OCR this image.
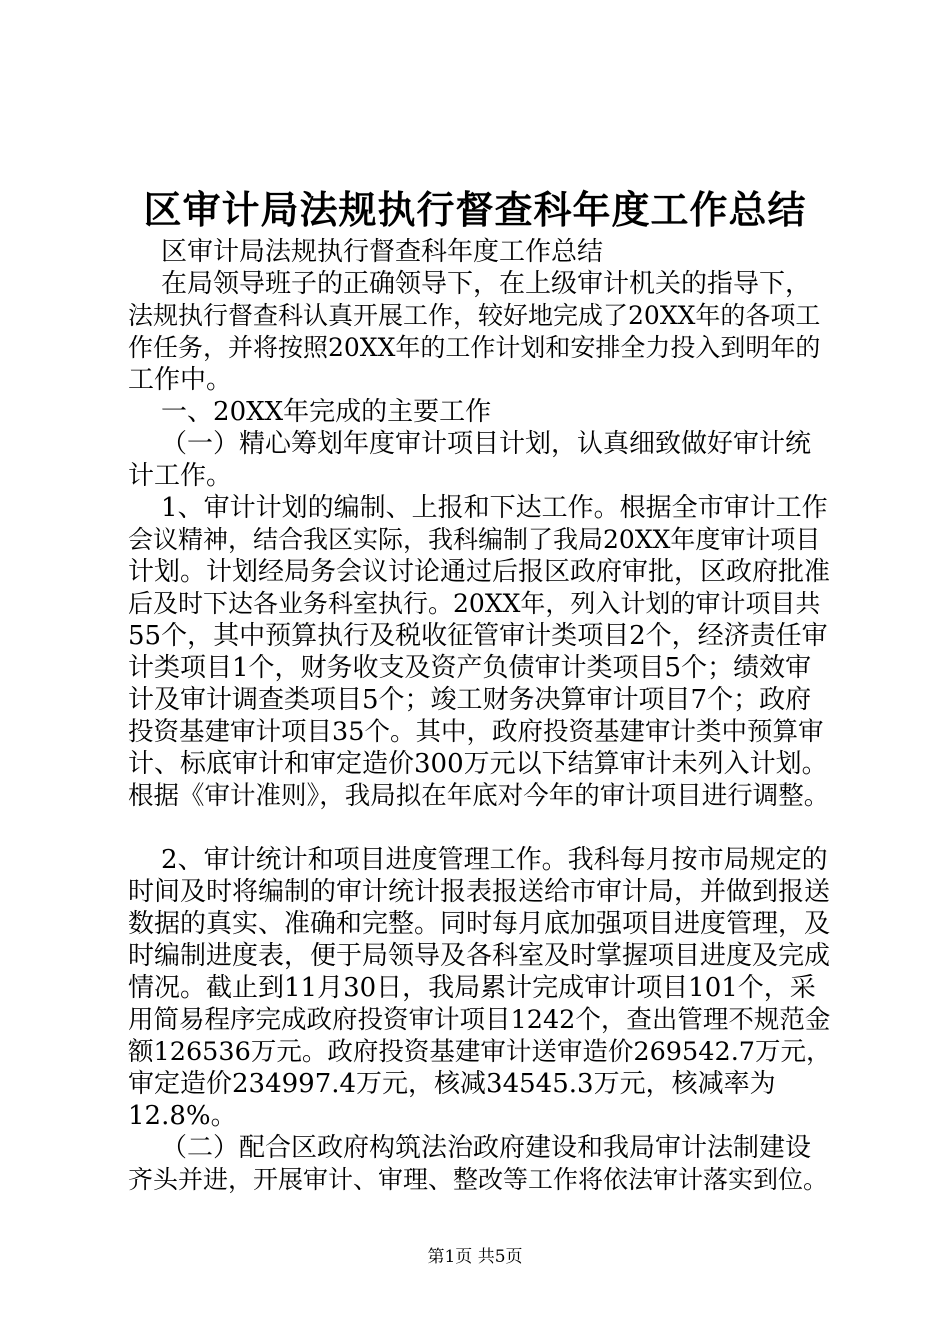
区审计局法规执行督查科年度工作总结
区审计局法规执行督查科年度工作总结
在局领导班子的正确领导下，在上级审计机关的指导下，
法规执行督查科认真开展工作，较好地完成了20XX年的各项工
作任务，并将按照20XX年的工作计划和安排全力投入到明年的
工作中。
一、20XX年完成的主要工作
（一）精心筹划年度审计项目计划，认真细致做好审计统
计工作。
1、审计计划的编制、上报和下达工作。根据全市审计工作
会议精神，结合我区实际，我科编制了我局20XX年度审计项目
计划。计划经局务会议讨论通过后报区政府审批，区政府批准
后及时下达各业务科室执行。20XX年，列入计划的审计项目共
55个，其中预算执行及税收征管审计类项目2个，经济责任审
计类项目1个，财务收支及资产负债审计类项目5个；绩效审
计及审计调查类项目5个；竣工财务决算审计项目7个；政府
投资基建审计项目35个。其中，政府投资基建审计类中预算审
计、标底审计和审定造价300万元以下结算审计未列入计划。
根据《审计准则》，我局拟在年底对今年的审计项目进行调整。
2、审计统计和项目进度管理工作。我科每月按市局规定的
时间及时将编制的审计统计报表报送给市审计局，并做到报送
数据的真实、准确和完整。同时每月底加强项目进度管理，及
时编制进度表，便于局领导及各科室及时掌握项目进度及完成
情况。截止到11月30日，我局累计完成审计项目101个，采
用简易程序完成政府投资审计项目1242个，查出管理不规范金
额126536万元。政府投资基建审计送审造价269542.7万元，
审定造价234997.4万元，核减34545.3万元，核减率为
12.8%。
（二）配合区政府构筑法治政府建设和我局审计法制建设
齐头并进，开展审计、审理、整改等工作将依法审计落实到位。
第1页 共5页
